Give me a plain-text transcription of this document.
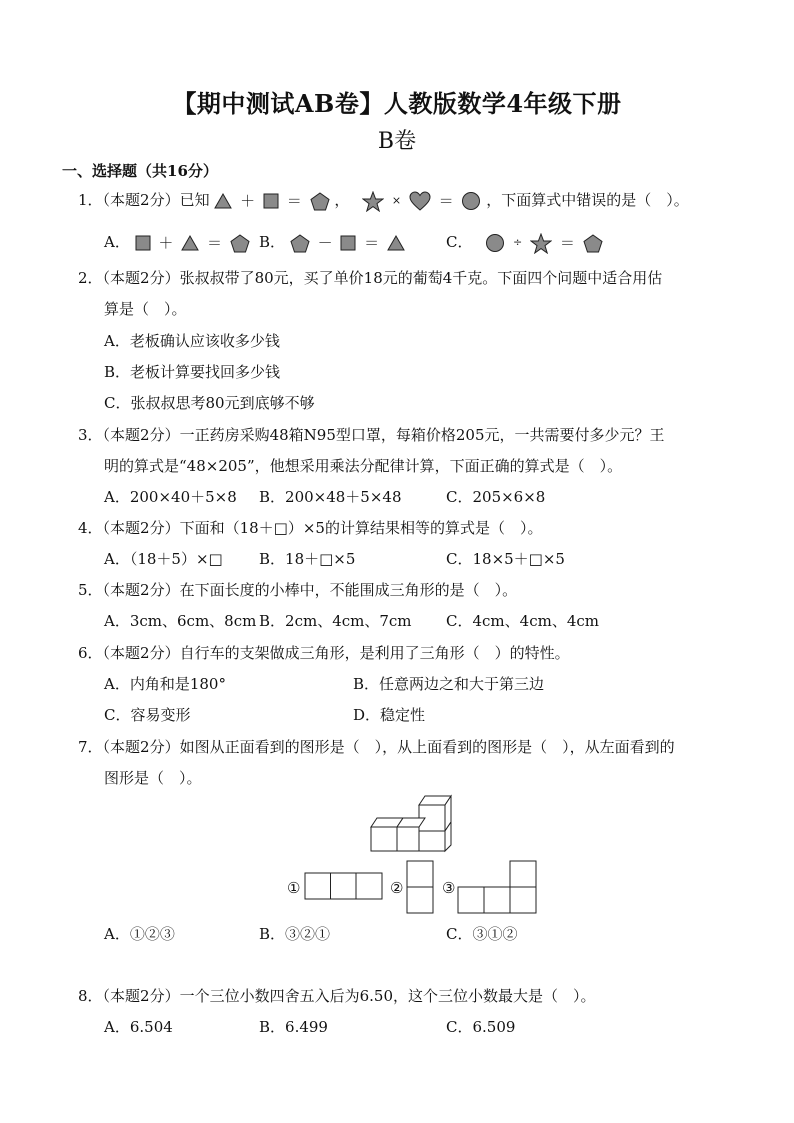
【期中测试AB卷】人教版数学4年级下册
B卷
一、选择题（共16分）
1．（本题2分）已知 ＋ ＝ ，	×	＝ ，下面算式中错误的是（　）。
A． ＋ ＝	B． － ＝	C．	÷	＝
2．（本题2分）张叔叔带了80元，买了单价18元的葡萄4千克。下面四个问题中适合用估
算是（　）。
A．老板确认应该收多少钱
B．老板计算要找回多少钱
C．张叔叔思考80元到底够不够
3．（本题2分）一正药房采购48箱N95型口罩，每箱价格205元，一共需要付多少元？王
明的算式是“48×205”，他想采用乘法分配律计算，下面正确的算式是（　）。
A．200×40＋5×8 B．200×48＋5×48	C．205×6×8
4．（本题2分）下面和（18＋□）×5的计算结果相等的算式是（　）。
A．（18＋5）×□ B．18＋□×5	C．18×5＋□×5
5．（本题2分）在下面长度的小棒中，不能围成三角形的是（　）。
A．3cm、6cm、8cm B．2cm、4cm、7cm C．4cm、4cm、4cm
6．（本题2分）自行车的支架做成三角形，是利用了三角形（　）的特性。
A．内角和是180°	B．任意两边之和大于第三边
C．容易变形	D．稳定性
7．（本题2分）如图从正面看到的图形是（　），从上面看到的图形是（　），从左面看到的
图形是（　）。
①	②	③
A．①②③	B．③②①	C．③①②
8．（本题2分）一个三位小数四舍五入后为6.50，这个三位小数最大是（　）。
A．6.504	B．6.499	C．6.509
